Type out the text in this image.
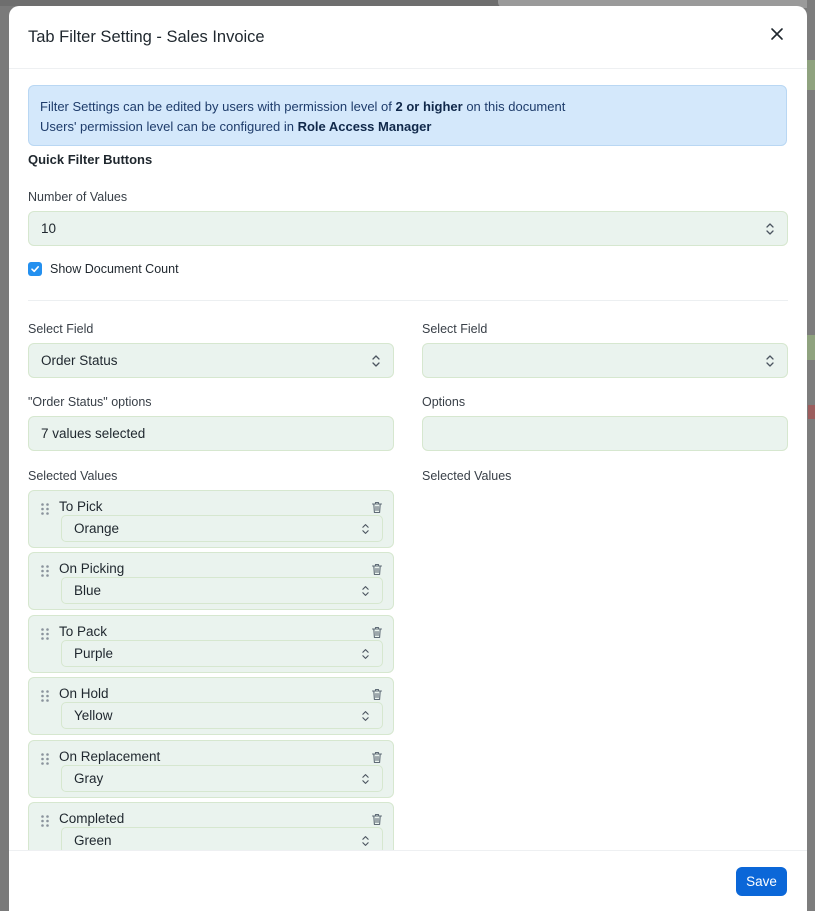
Tab Filter Setting - Sales Invoice
Filter Settings can be edited by users with permission level of 2 or higher on this document
Users' permission level can be configured in Role Access Manager
Quick Filter Buttons
Number of Values
10
Show Document Count
Select Field
Order Status
"Order Status" options
7 values selected
Selected Values
To Pick
Orange
On Picking
Blue
To Pack
Purple
On Hold
Yellow
On Replacement
Gray
Completed
Green
Select Field
Options
Selected Values
Save
